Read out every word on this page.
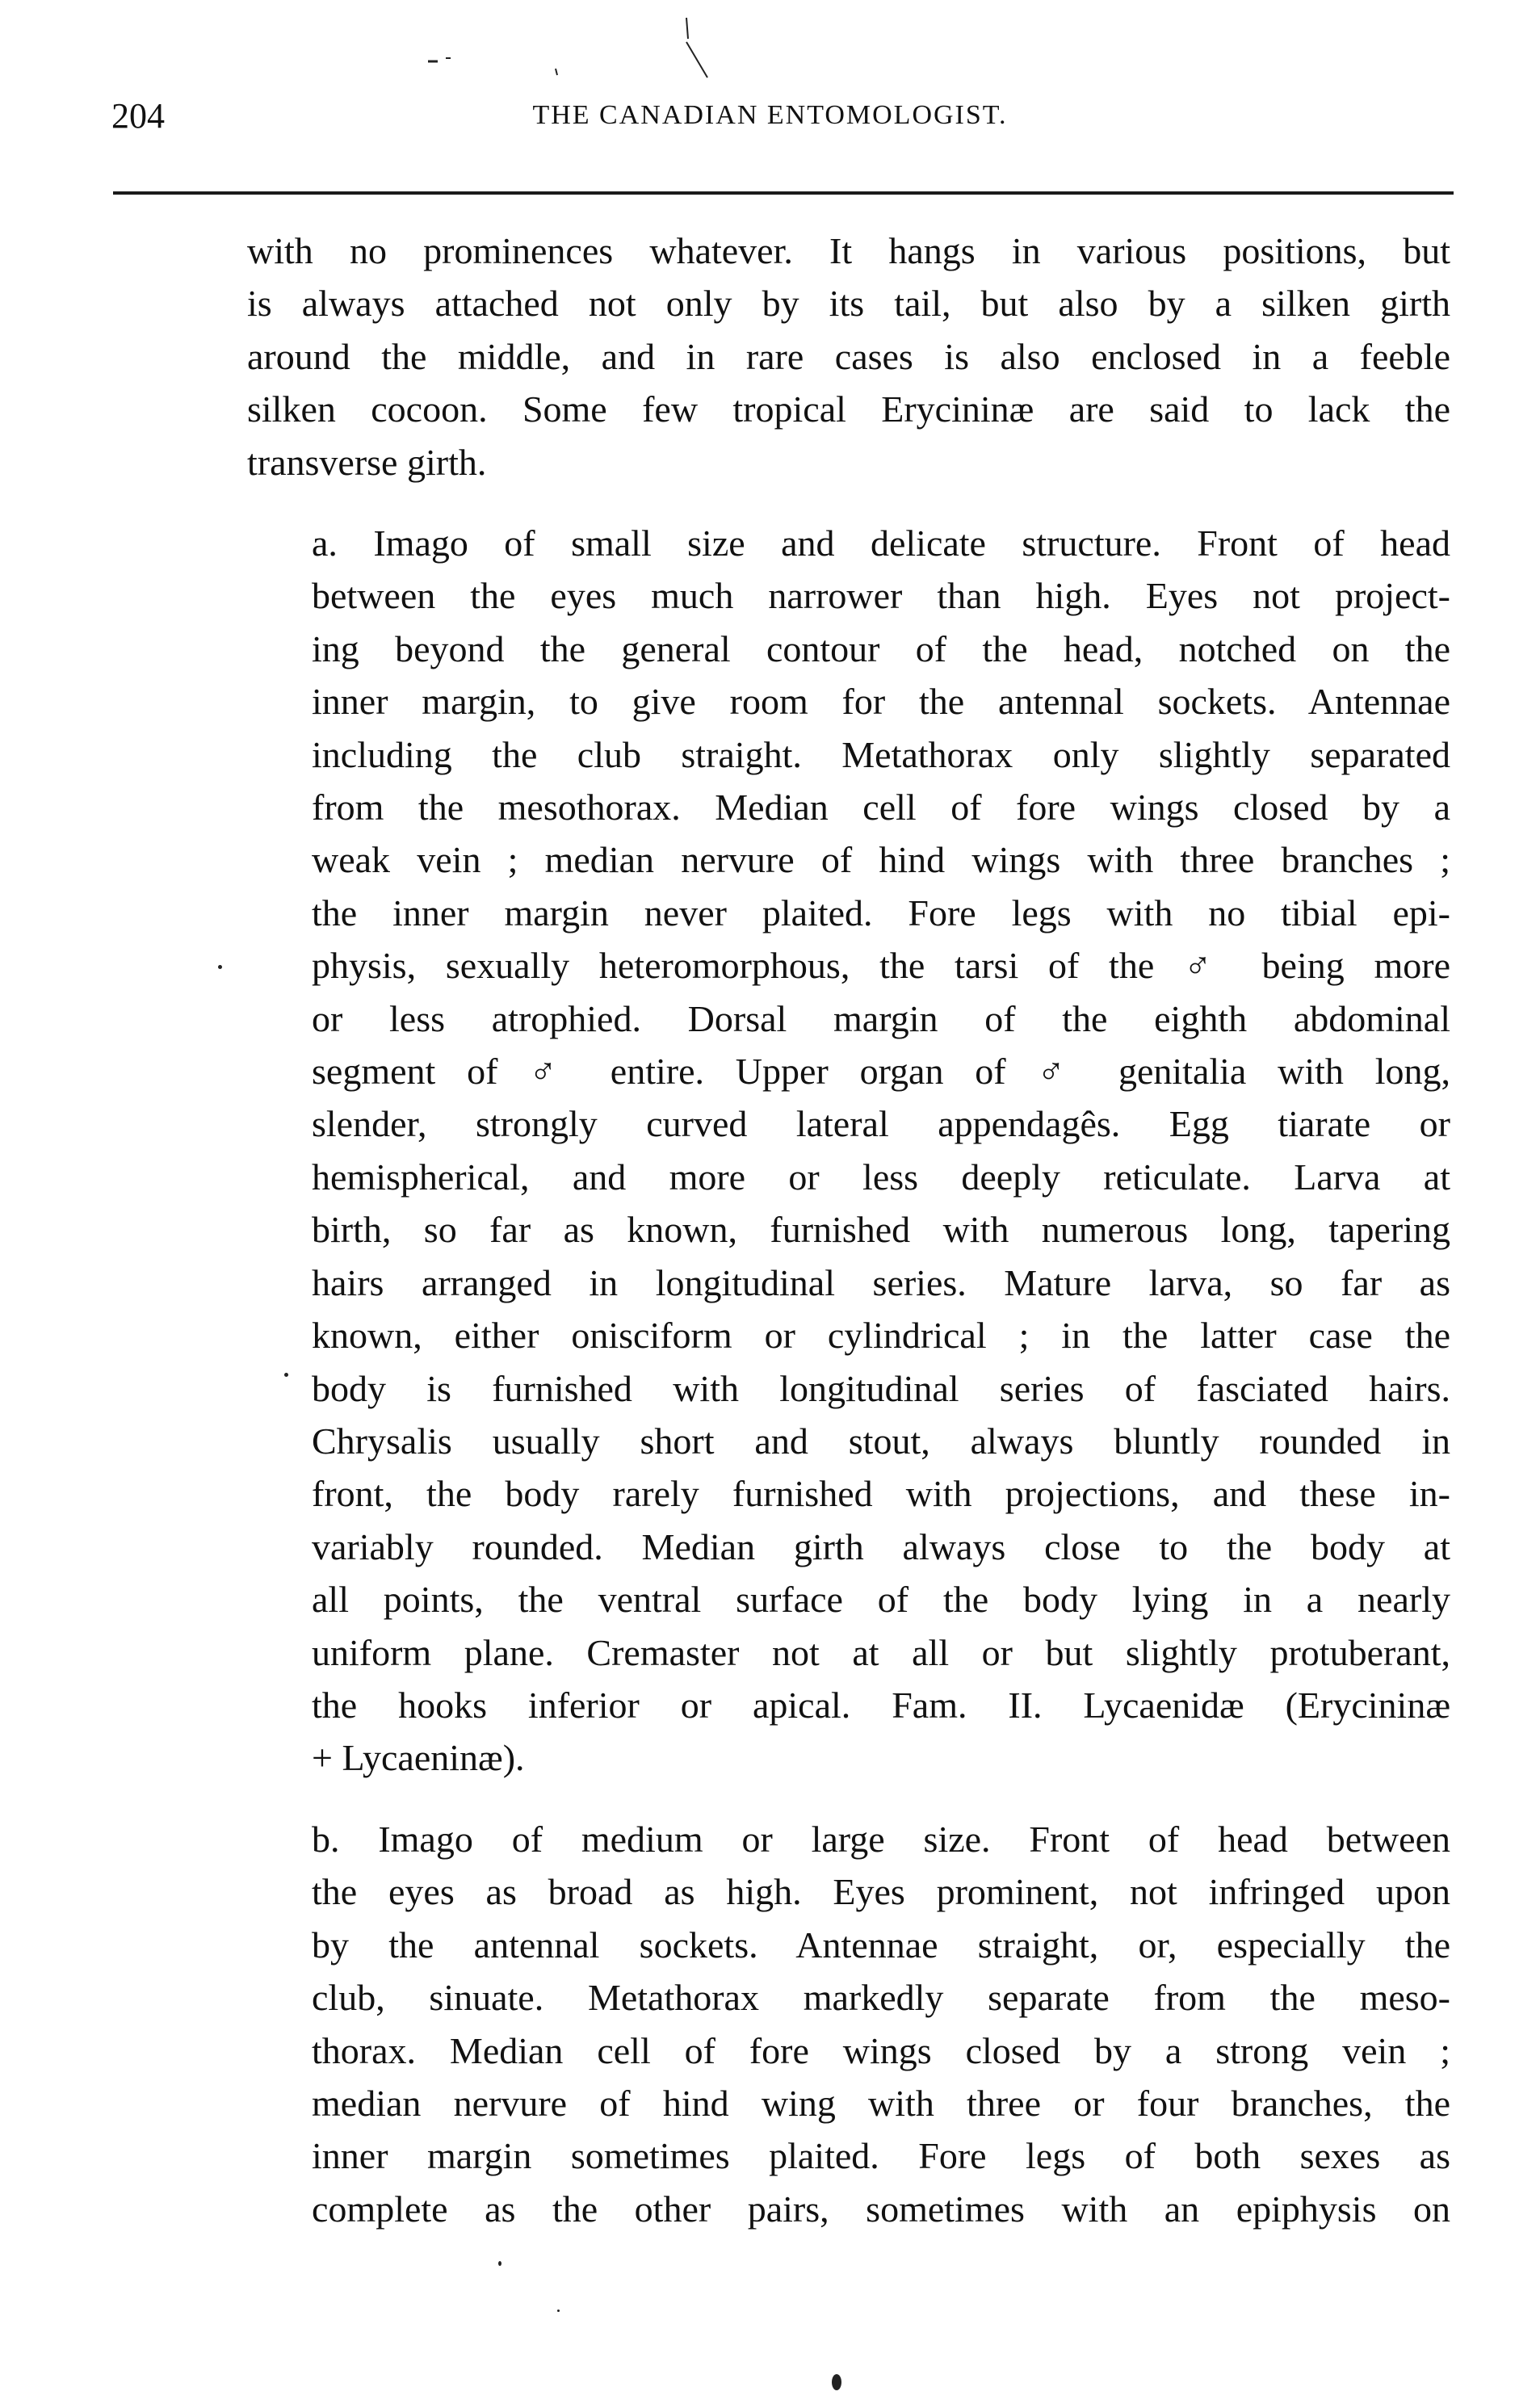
204	THE CANADIAN ENTOMOLOGIST.
with no prominences whatever. It hangs in various positions, but
is always attached not only by its tail, but also by a silken girth
around the middle, and in rare cases is also enclosed in a feeble
silken cocoon. Some few tropical Erycininæ are said to lack the
transverse girth.
a. Imago of small size and delicate structure. Front of head
between the eyes much narrower than high. Eyes not project-
ing beyond the general contour of the head, notched on the
inner margin, to give room for the antennal sockets. Antennae
including the club straight. Metathorax only slightly separated
from the mesothorax. Median cell of fore wings closed by a
weak vein ; median nervure of hind wings with three branches ;
the inner margin never plaited. Fore legs with no tibial epi-
physis, sexually heteromorphous, the tarsi of the ♂ being more
or less atrophied. Dorsal margin of the eighth abdominal
segment of ♂ entire. Upper organ of ♂ genitalia with long,
slender, strongly curved lateral appendagês. Egg tiarate or
hemispherical, and more or less deeply reticulate. Larva at
birth, so far as known, furnished with numerous long, tapering
hairs arranged in longitudinal series. Mature larva, so far as
known, either onisciform or cylindrical ; in the latter case the
body is furnished with longitudinal series of fasciated hairs.
Chrysalis usually short and stout, always bluntly rounded in
front, the body rarely furnished with projections, and these in-
variably rounded. Median girth always close to the body at
all points, the ventral surface of the body lying in a nearly
uniform plane. Cremaster not at all or but slightly protuberant,
the hooks inferior or apical. Fam. II. Lycaenidæ (Erycininæ
+ Lycaeninæ).
b. Imago of medium or large size. Front of head between
the eyes as broad as high. Eyes prominent, not infringed upon
by the antennal sockets. Antennae straight, or, especially the
club, sinuate. Metathorax markedly separate from the meso-
thorax. Median cell of fore wings closed by a strong vein ;
median nervure of hind wing with three or four branches, the
inner margin sometimes plaited. Fore legs of both sexes as
complete as the other pairs, sometimes with an epiphysis on
